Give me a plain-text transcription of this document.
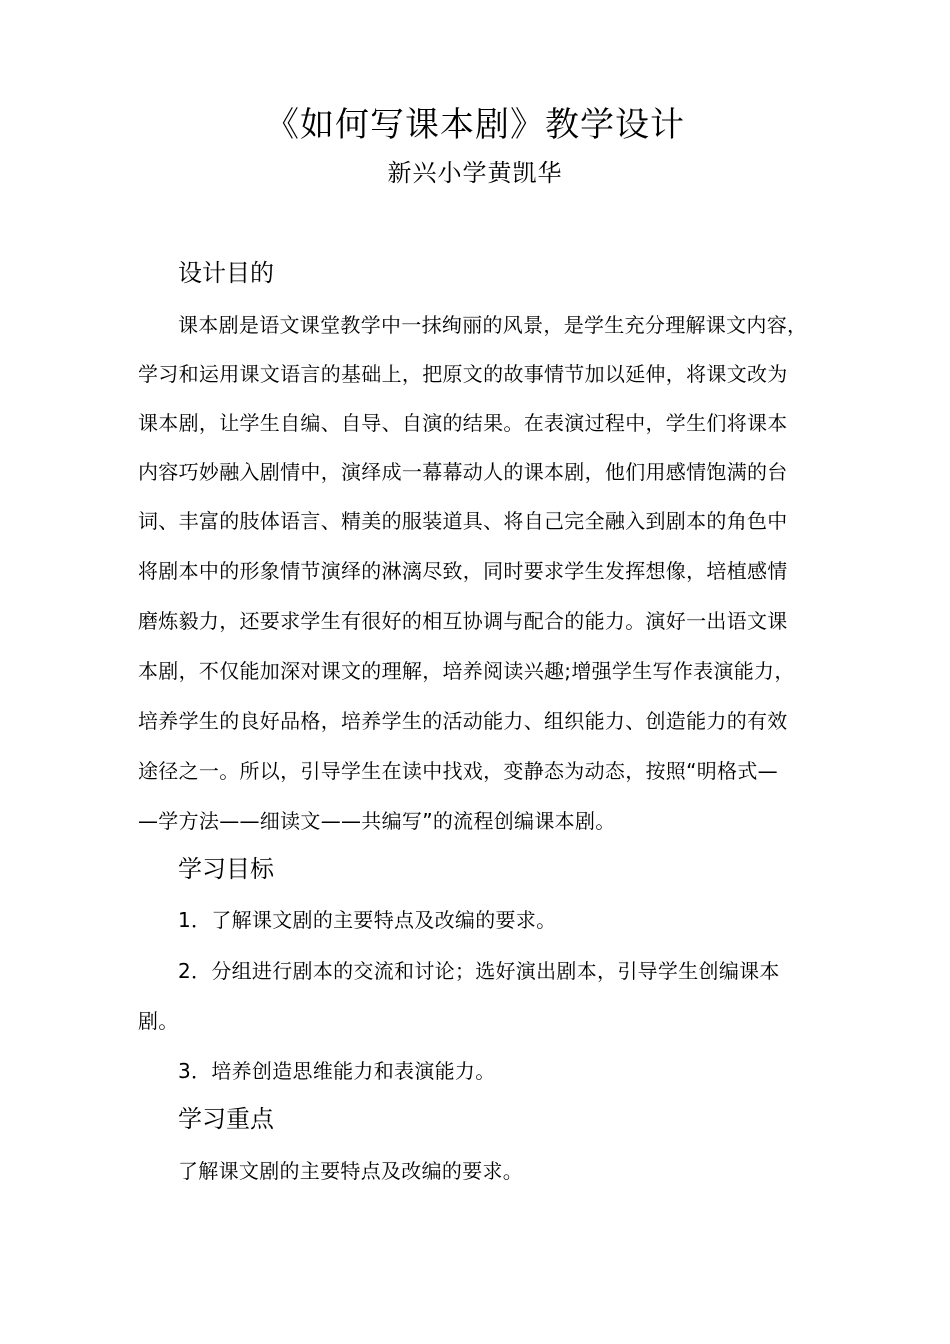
《如何写课本剧》教学设计
新兴小学黄凯华
设计目的
课本剧是语文课堂教学中一抹绚丽的风景，是学生充分理解课文内容，
学习和运用课文语言的基础上，把原文的故事情节加以延伸，将课文改为
课本剧，让学生自编、自导、自演的结果。在表演过程中，学生们将课本
内容巧妙融入剧情中，演绎成一幕幕动人的课本剧，他们用感情饱满的台
词、丰富的肢体语言、精美的服装道具、将自己完全融入到剧本的角色中
将剧本中的形象情节演绎的淋漓尽致，同时要求学生发挥想像，培植感情
磨炼毅力，还要求学生有很好的相互协调与配合的能力。演好一出语文课
本剧，不仅能加深对课文的理解，培养阅读兴趣;增强学生写作表演能力，
培养学生的良好品格，培养学生的活动能力、组织能力、创造能力的有效
途径之一。所以，引导学生在读中找戏，变静态为动态，按照“明格式—
—学方法——细读文——共编写”的流程创编课本剧。
学习目标
1．了解课文剧的主要特点及改编的要求。
2．分组进行剧本的交流和讨论；选好演出剧本，引导学生创编课本
剧。
3．培养创造思维能力和表演能力。
学习重点
了解课文剧的主要特点及改编的要求。
